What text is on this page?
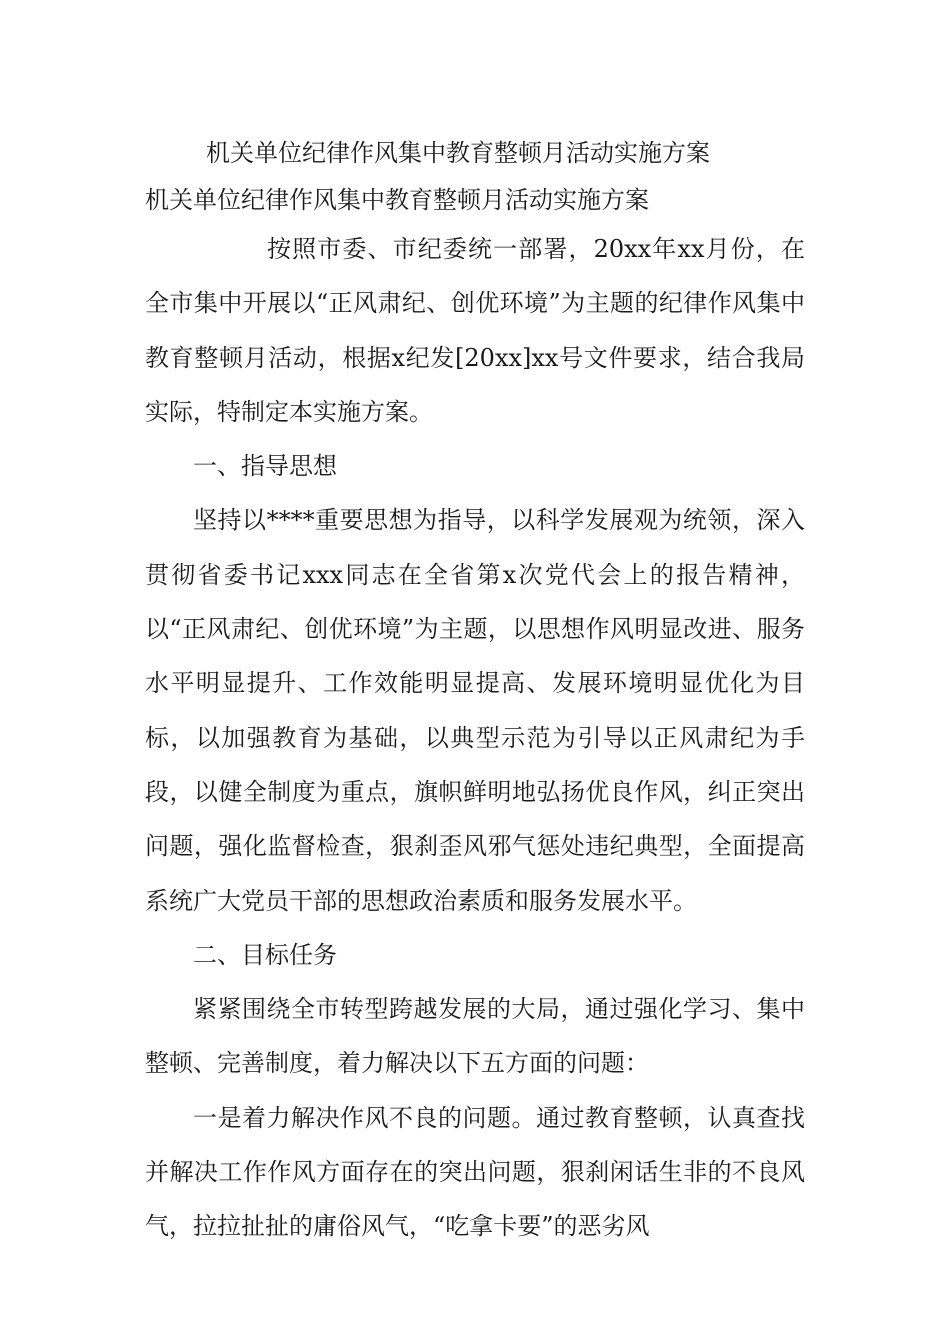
机关单位纪律作风集中教育整顿月活动实施方案
机关单位纪律作风集中教育整顿月活动实施方案

按照市委、市纪委统一部署，20xx年xx月份，在全市集中开展以“正风肃纪、创优环境”为主题的纪律作风集中教育整顿月活动，根据x纪发[20xx]xx号文件要求，结合我局实际，特制定本实施方案。

一、指导思想

坚持以****重要思想为指导，以科学发展观为统领，深入贯彻省委书记xxx同志在全省第x次党代会上的报告精神，以“正风肃纪、创优环境”为主题，以思想作风明显改进、服务水平明显提升、工作效能明显提高、发展环境明显优化为目标，以加强教育为基础，以典型示范为引导以正风肃纪为手段，以健全制度为重点，旗帜鲜明地弘扬优良作风，纠正突出问题，强化监督检查，狠刹歪风邪气惩处违纪典型，全面提高系统广大党员干部的思想政治素质和服务发展水平。

二、目标任务

紧紧围绕全市转型跨越发展的大局，通过强化学习、集中整顿、完善制度，着力解决以下五方面的问题：

一是着力解决作风不良的问题。通过教育整顿，认真查找并解决工作作风方面存在的突出问题，狠刹闲话生非的不良风气，拉拉扯扯的庸俗风气，“吃拿卡要”的恶劣风
